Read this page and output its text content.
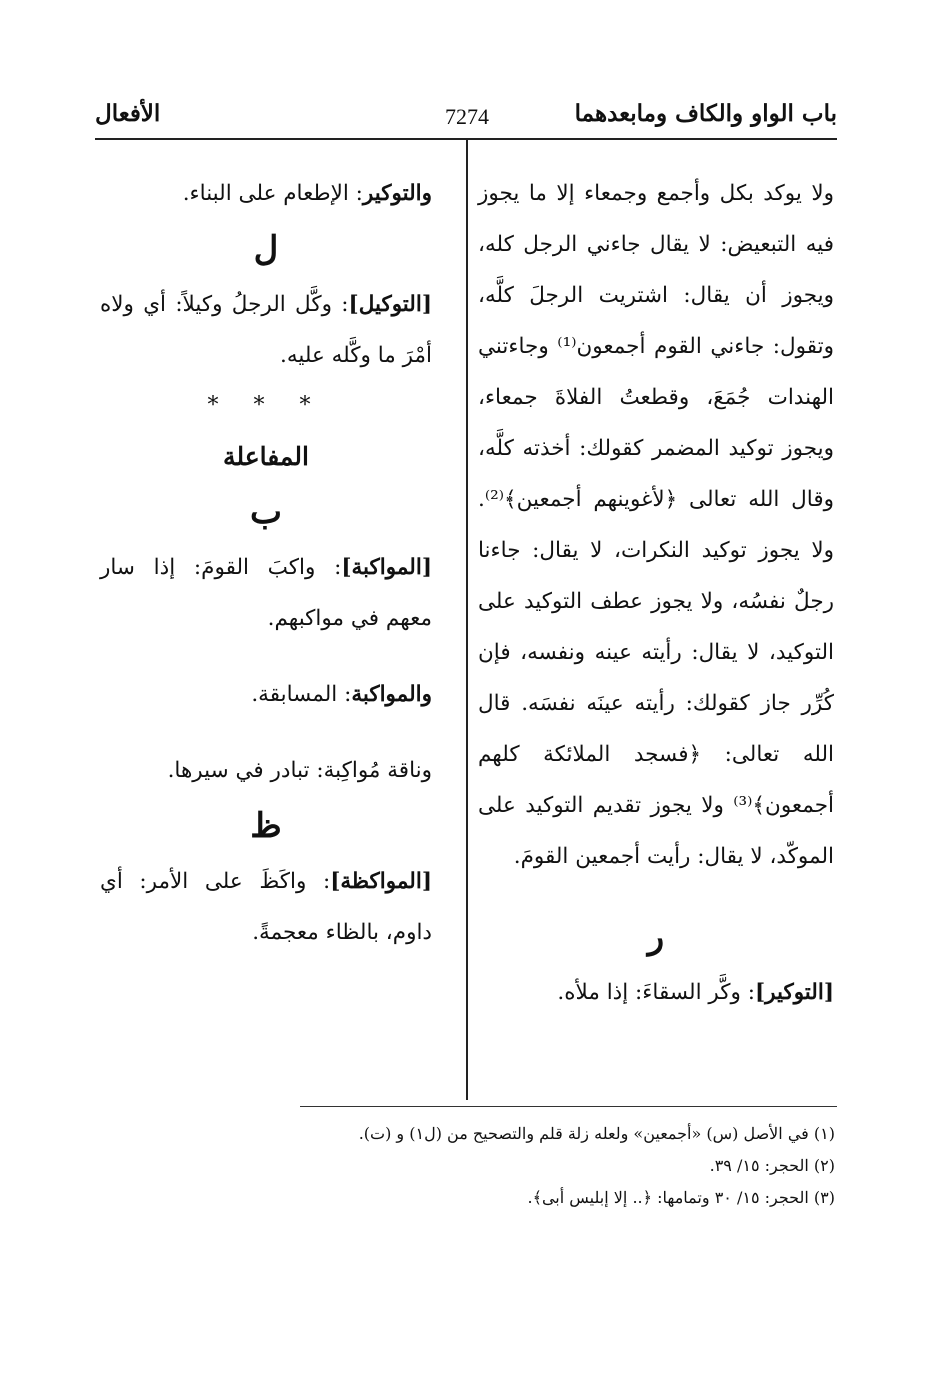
باب الواو والكاف ومابعدهما
7274
الأفعال

ولا يوكد بكل وأجمع وجمعاء إلا ما يجوز فيه التبعيض: لا يقال جاءني الرجل كله، ويجوز أن يقال: اشتريت الرجلَ كلَّه، وتقول: جاءني القوم أجمعون⁽¹⁾ وجاءتني الهندات جُمَعَ، وقطعتُ الفلاةَ جمعاء، ويجوز توكيد المضمر كقولك: أخذته كلَّه، وقال الله تعالى ﴿لأغوينهم أجمعين﴾⁽²⁾. ولا يجوز توكيد النكرات، لا يقال: جاءنا رجلٌ نفسُه، ولا يجوز عطف التوكيد على التوكيد، لا يقال: رأيته عينه ونفسه، فإن كُرِّر جاز كقولك: رأيته عينَه نفسَه. قال الله تعالى: ﴿فسجد الملائكة كلهم أجمعون﴾⁽³⁾ ولا يجوز تقديم التوكيد على الموكّد، لا يقال: رأيت أجمعين القومَ.

ر

[التوكير]: وكَّر السقاءَ: إذا ملأه.

والتوكير: الإطعام على البناء.

ل

[التوكيل]: وكَّل الرجلُ وكيلاً: أي ولاه أمْرَ ما وكَّله عليه.

* * *
المفاعلة
ب

[المواكبة]: واكبَ القومَ: إذا سار معهم في مواكبهم.

والمواكبة: المسابقة.

وناقة مُواكِبة: تبادر في سيرها.

ظ

[المواكظة]: واكَظَ على الأمر: أي داوم، بالظاء معجمةً.

(١) في الأصل (س) «أجمعين» ولعله زلة قلم والتصحيح من (ل١) و (ت).

(٢) الحجر: ١٥/ ٣٩.

(٣) الحجر: ١٥/ ٣٠ وتمامها: ﴿.. إلا إبليس أبى﴾.
